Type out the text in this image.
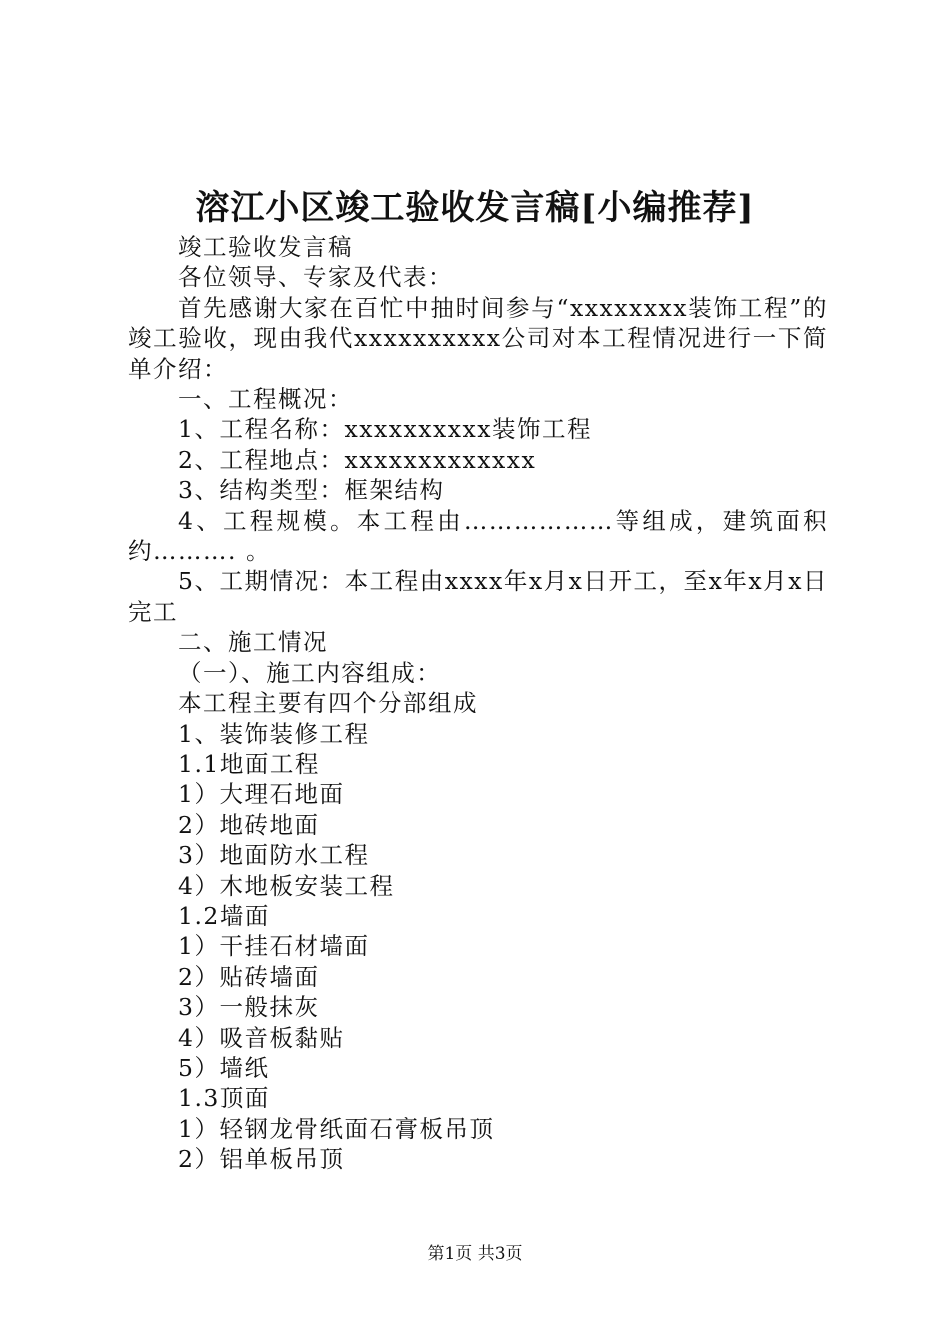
溶江小区竣工验收发言稿[小编推荐]

竣工验收发言稿

各位领导、专家及代表：

首先感谢大家在百忙中抽时间参与“xxxxxxxx装饰工程”的竣工验收，现由我代xxxxxxxxxx公司对本工程情况进行一下简单介绍：

一、工程概况：

1、工程名称：xxxxxxxxxx装饰工程

2、工程地点：xxxxxxxxxxxxx

3、结构类型：框架结构

4、工程规模。本工程由………………等组成，建筑面积约………. 。

5、工期情况：本工程由xxxx年x月x日开工，至x年x月x日完工

二、施工情况

（一）、施工内容组成：

本工程主要有四个分部组成

1、装饰装修工程

1.1地面工程

1）大理石地面

2）地砖地面

3）地面防水工程

4）木地板安装工程

1.2墙面

1）干挂石材墙面

2）贴砖墙面

3）一般抹灰

4）吸音板黏贴

5）墙纸

1.3顶面

1）轻钢龙骨纸面石膏板吊顶

2）铝单板吊顶

第1页 共3页
